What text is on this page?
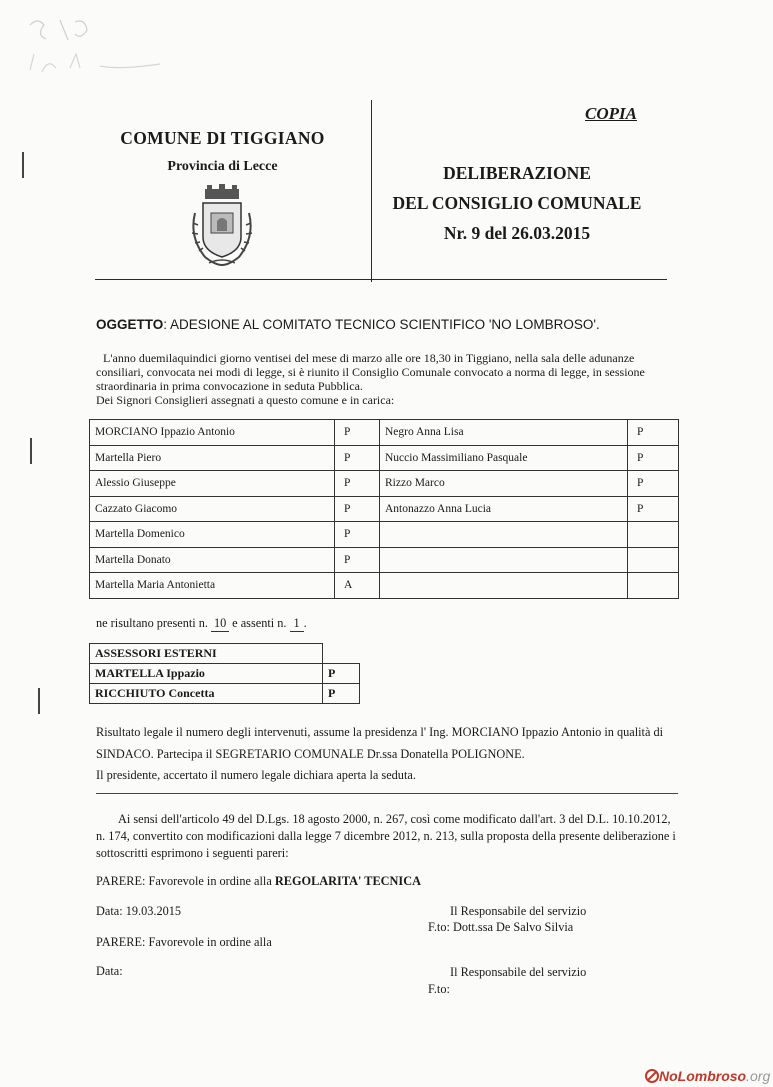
COMUNE DI TIGGIANO
Provincia di Lecce
COPIA
DELIBERAZIONE
DEL CONSIGLIO COMUNALE
Nr. 9 del 26.03.2015
OGGETTO: ADESIONE AL COMITATO TECNICO SCIENTIFICO 'NO LOMBROSO'.
L'anno duemilaquindici giorno ventisei del mese di marzo alle ore 18,30 in Tiggiano, nella sala delle adunanze
consiliari, convocata nei modi di legge, si è riunito il Consiglio Comunale convocato a norma di legge, in sessione
straordinaria in prima convocazione in seduta Pubblica.
Dei Signori Consiglieri assegnati a questo comune e in carica:
MORCIANO Ippazio Antonio	P	Negro Anna Lisa	P
Martella Piero	P	Nuccio Massimiliano Pasquale	P
Alessio Giuseppe	P	Rizzo Marco	P
Cazzato Giacomo	P	Antonazzo Anna Lucia	P
Martella Domenico	P		
Martella Donato	P		
Martella Maria Antonietta	A		
ne risultano presenti n. 10 e assenti n. 1 .
ASSESSORI ESTERNI	
MARTELLA Ippazio	P
RICCHIUTO Concetta	P
Risultato legale il numero degli intervenuti, assume la presidenza l' Ing. MORCIANO Ippazio Antonio in qualità di
SINDACO. Partecipa il SEGRETARIO COMUNALE Dr.ssa Donatella POLIGNONE.
Il presidente, accertato il numero legale dichiara aperta la seduta.
Ai sensi dell'articolo 49 del D.Lgs. 18 agosto 2000, n. 267, così come modificato dall'art. 3 del D.L. 10.10.2012,
n. 174, convertito con modificazioni dalla legge 7 dicembre 2012, n. 213, sulla proposta della presente deliberazione i
sottoscritti esprimono i seguenti pareri:
PARERE: Favorevole in ordine alla REGOLARITA' TECNICA
Data: 19.03.2015	Il Responsabile del servizio
F.to: Dott.ssa De Salvo Silvia
PARERE: Favorevole in ordine alla
Data:	Il Responsabile del servizio
F.to:
NoLombroso.org
